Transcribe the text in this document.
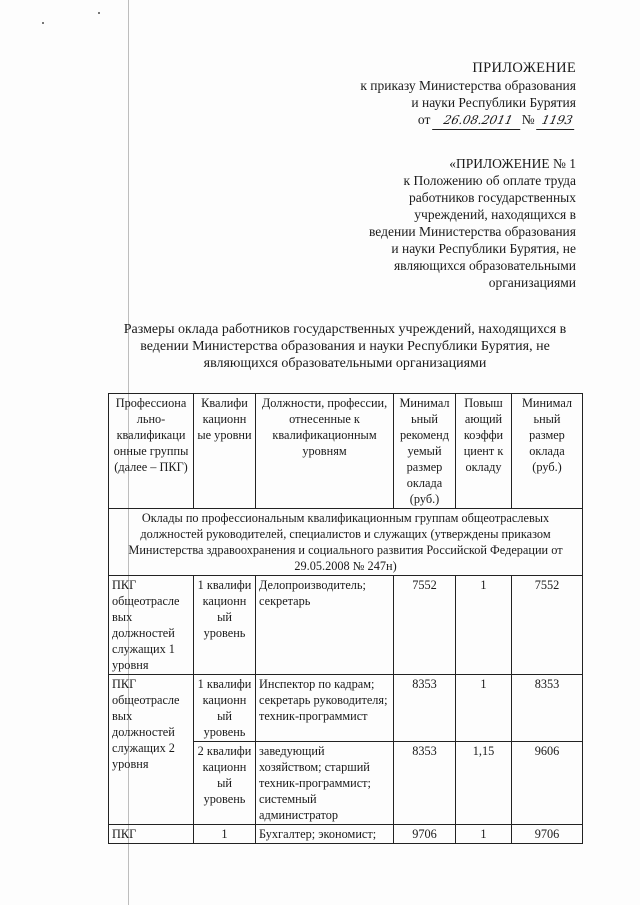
ПРИЛОЖЕНИЕ
к приказу Министерства образования
и науки Республики Бурятия
от 26.08.2011 № 1193
«ПРИЛОЖЕНИЕ № 1
к Положению об оплате труда
работников государственных
учреждений, находящихся в
ведении Министерства образования
и науки Республики Бурятия, не
являющихся образовательными
организациями
Размеры оклада работников государственных учреждений, находящихся в
ведении Министерства образования и науки Республики Бурятия, не
являющихся образовательными организациями
Профессиона льно-квалификаци онные группы (далее – ПКГ)	Квалифи кационн ые уровни	Должности, профессии, отнесенные к квалификационным уровням	Минимал ьный рекоменд уемый размер оклада (руб.)	Повыш ающий коэффи циент к окладу	Минимал ьный размер оклада (руб.)
Оклады по профессиональным квалификационным группам общеотраслевых должностей руководителей, специалистов и служащих (утверждены приказом Министерства здравоохранения и социального развития Российской Федерации от 29.05.2008 № 247н)					
ПКГ общеотрасле вых должностей служащих 1 уровня	1 квалифи кационн ый уровень	Делопроизводитель; секретарь	7552	1	7552
ПКГ общеотрасле вых должностей служащих 2 уровня	1 квалифи кационн ый уровень	Инспектор по кадрам; секретарь руководителя; техник-программист	8353	1	8353
	2 квалифи кационн ый уровень	заведующий хозяйством; старший техник-программист; системный администратор	8353	1,15	9606
ПКГ	1	Бухгалтер; экономист;	9706	1	9706
